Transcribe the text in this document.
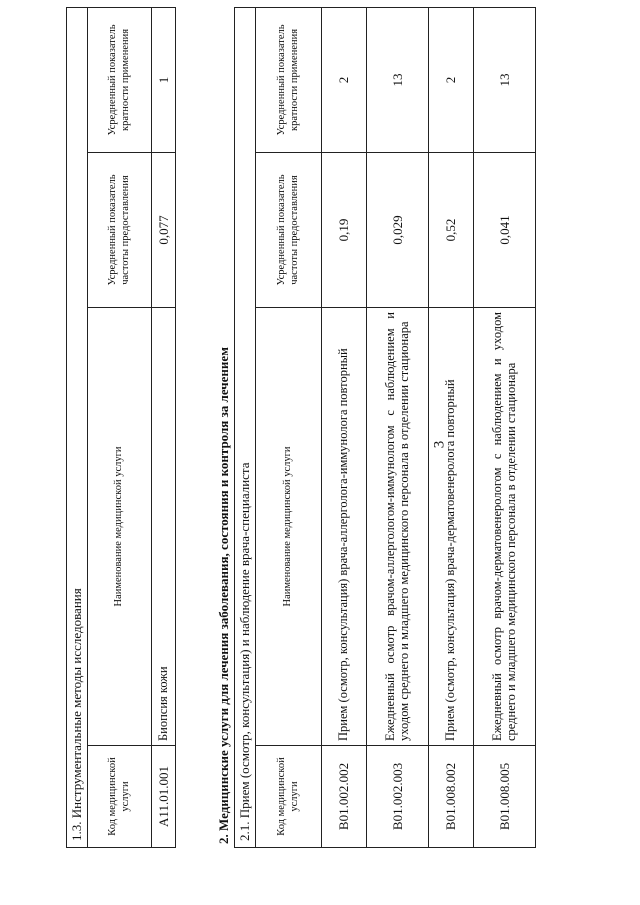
3
1.3. Инструментальные методы исследования			
Код медицинской услуги	Наименование медицинской услуги	Усредненный показатель частоты предоставления	Усредненный показатель кратности применения
A11.01.001	Биопсия кожи	0,077	1
2. Медицинские услуги для лечения заболевания, состояния и контроля за лечением 2.1. Прием (осмотр, консультация) и наблюдение врача-специалиста			
Код медицинской услуги	Наименование медицинской услуги	Усредненный показатель частоты предоставления	Усредненный показатель кратности применения
B01.002.002	Прием (осмотр, консультация) врача-аллерголога-иммунолога повторный	0,19	2
B01.002.003	Ежедневный осмотр врачом-аллергологом-иммунологом с наблюдением и уходом среднего и младшего медицинского персонала в отделении стационара	0,029	13
B01.008.002	Прием (осмотр, консультация) врача-дерматовенеролога повторный	0,52	2
B01.008.005	Ежедневный осмотр врачом-дерматовенерологом с наблюдением и уходом среднего и младшего медицинского персонала в отделении стационара	0,041	13
